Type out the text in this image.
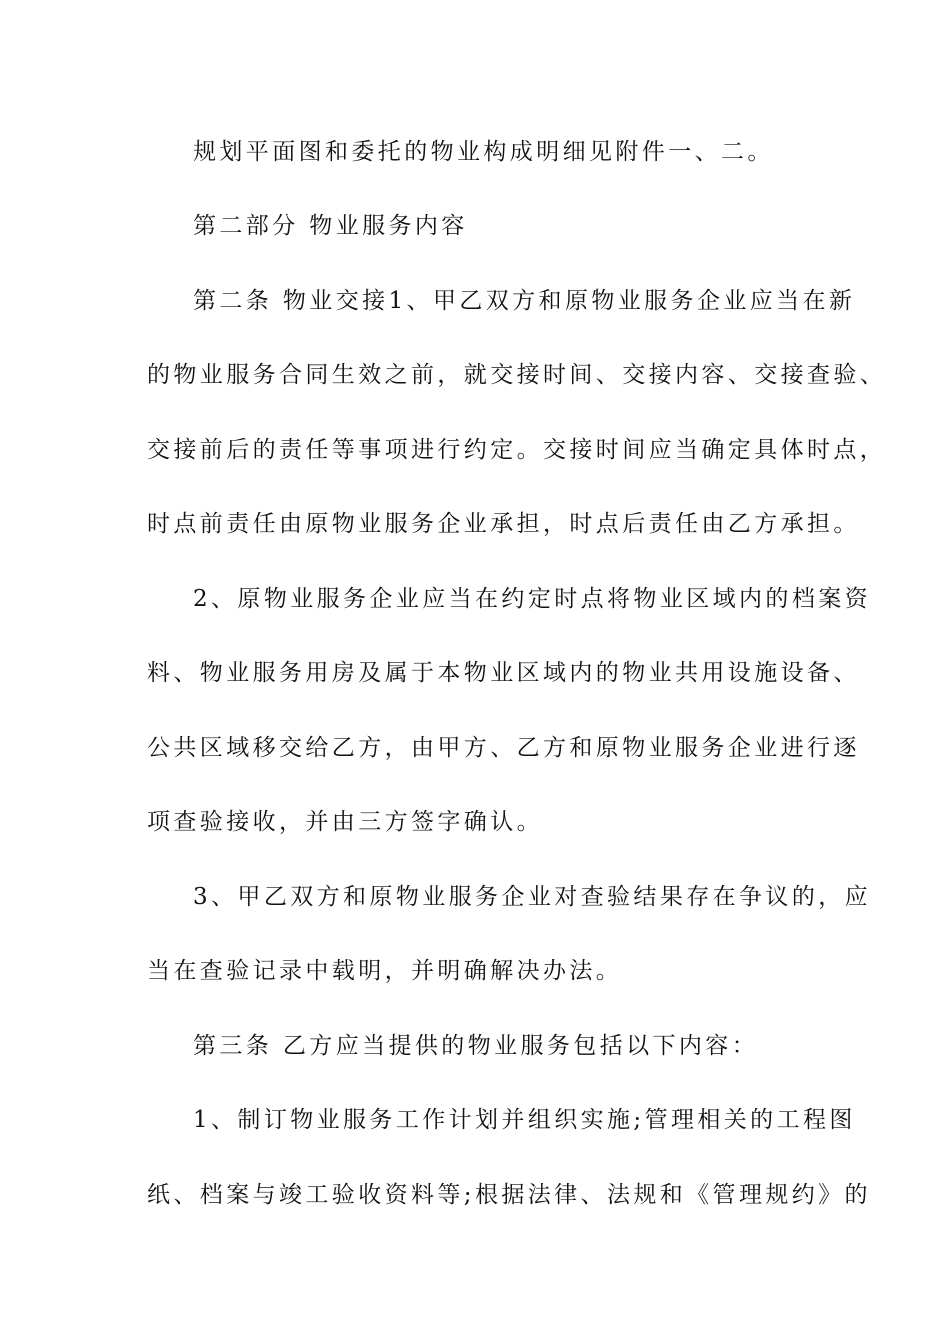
规划平面图和委托的物业构成明细见附件一、二。
第二部分 物业服务内容
第二条 物业交接1、甲乙双方和原物业服务企业应当在新
的物业服务合同生效之前，就交接时间、交接内容、交接查验、
交接前后的责任等事项进行约定。交接时间应当确定具体时点，
时点前责任由原物业服务企业承担，时点后责任由乙方承担。
2、原物业服务企业应当在约定时点将物业区域内的档案资
料、物业服务用房及属于本物业区域内的物业共用设施设备、
公共区域移交给乙方，由甲方、乙方和原物业服务企业进行逐
项查验接收，并由三方签字确认。
3、甲乙双方和原物业服务企业对查验结果存在争议的，应
当在查验记录中载明，并明确解决办法。
第三条 乙方应当提供的物业服务包括以下内容：
1、制订物业服务工作计划并组织实施;管理相关的工程图
纸、档案与竣工验收资料等;根据法律、法规和《管理规约》的
